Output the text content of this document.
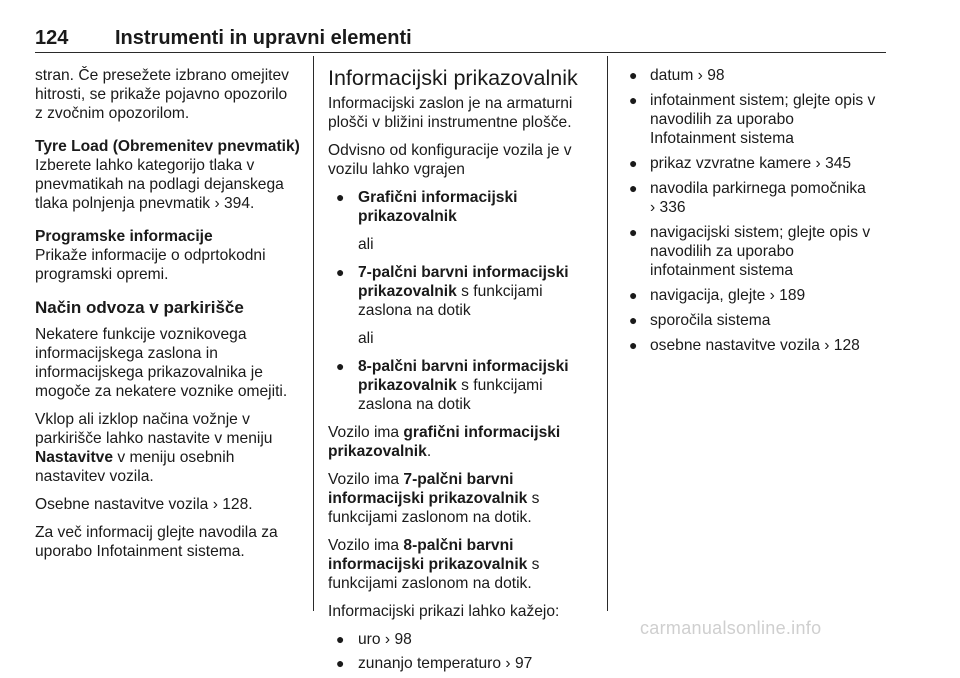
124 Instrumenti in upravni elementi

stran. Če presežete izbrano omejitev
hitrosti, se prikaže pojavno opozorilo
z zvočnim opozorilom.

Tyre Load (Obremenitev pnevmatik)
Izberete lahko kategorijo tlaka v
pnevmatikah na podlagi dejanskega
tlaka polnjenja pnevmatik › 394.

Programske informacije
Prikaže informacije o odprtokodni
programski opremi.

Način odvoza v parkirišče

Nekatere funkcije voznikovega
informacijskega zaslona in
informacijskega prikazovalnika je
mogoče za nekatere voznike omejiti.

Vklop ali izklop načina vožnje v
parkirišče lahko nastavite v meniju
Nastavitve v meniju osebnih
nastavitev vozila.

Osebne nastavitve vozila › 128.

Za več informacij glejte navodila za
uporabo Infotainment sistema.

Informacijski prikazovalnik

Informacijski zaslon je na armaturni
plošči v bližini instrumentne plošče.

Odvisno od konfiguracije vozila je v
vozilu lahko vgrajen

● Grafični informacijski
prikazovalnik
ali
● 7-palčni barvni informacijski
prikazovalnik s funkcijami
zaslona na dotik
ali
● 8-palčni barvni informacijski
prikazovalnik s funkcijami
zaslona na dotik

Vozilo ima grafični informacijski
prikazovalnik.

Vozilo ima 7-palčni barvni
informacijski prikazovalnik s
funkcijami zaslonom na dotik.

Vozilo ima 8-palčni barvni
informacijski prikazovalnik s
funkcijami zaslonom na dotik.

Informacijski prikazi lahko kažejo:

● uro › 98
● zunanjo temperaturo › 97
● datum › 98
● infotainment sistem; glejte opis v
navodilih za uporabo
Infotainment sistema
● prikaz vzvratne kamere › 345
● navodila parkirnega pomočnika
› 336
● navigacijski sistem; glejte opis v
navodilih za uporabo
infotainment sistema
● navigacija, glejte › 189
● sporočila sistema
● osebne nastavitve vozila › 128
carmanualsonline.info
